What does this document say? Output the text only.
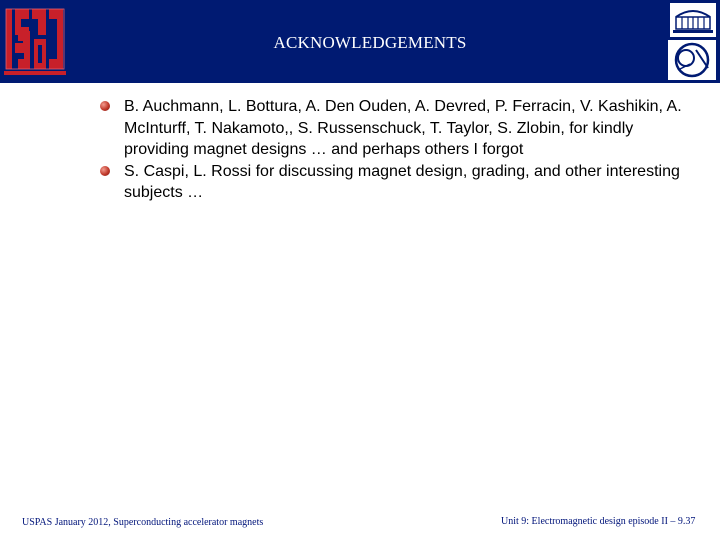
ACKNOWLEDGEMENTS

B. Auchmann, L. Bottura, A. Den Ouden, A. Devred, P. Ferracin, V. Kashikin, A. McInturff, T. Nakamoto,, S. Russenschuck, T. Taylor, S. Zlobin, for kindly providing magnet designs … and perhaps others I forgot

S. Caspi, L. Rossi for discussing magnet design, grading, and other interesting subjects …

USPAS January 2012, Superconducting accelerator magnets	Unit 9: Electromagnetic design episode II – 9.37
